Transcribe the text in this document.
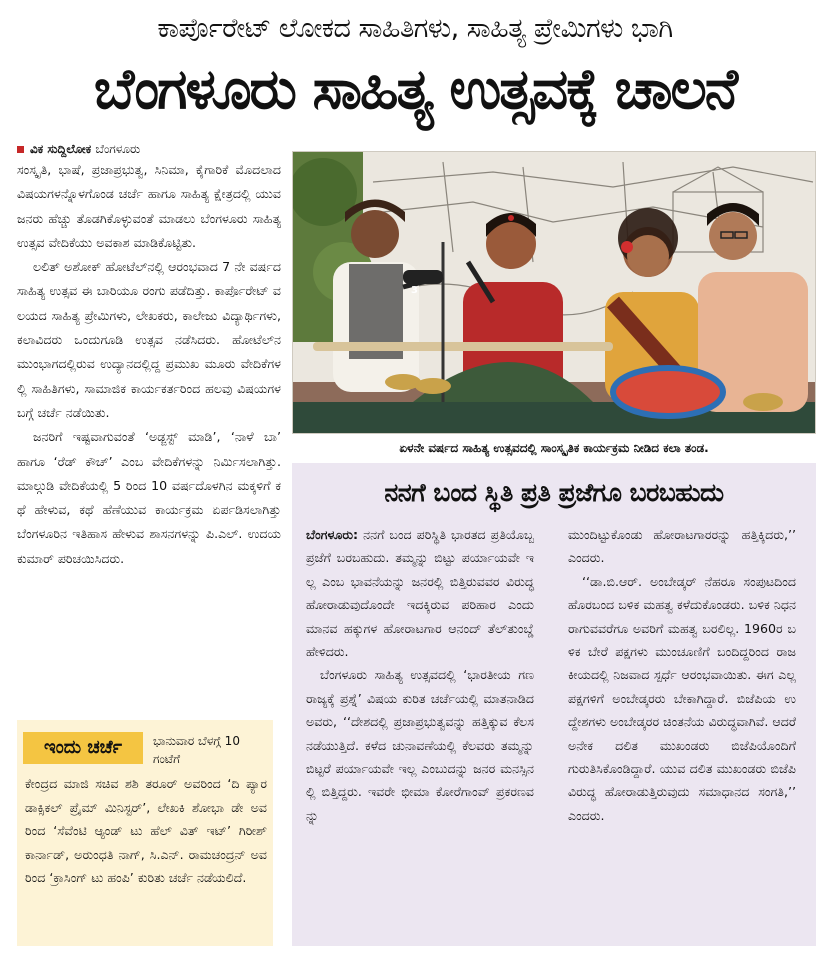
ಕಾರ್ಪೊರೇಟ್ ಲೋಕದ ಸಾಹಿತಿಗಳು, ಸಾಹಿತ್ಯ ಪ್ರೇಮಿಗಳು ಭಾಗಿ
ಬೆಂಗಳೂರು ಸಾಹಿತ್ಯ ಉತ್ಸವಕ್ಕೆ ಚಾಲನೆ
ವಿಕ ಸುದ್ದಿಲೋಕ ಬೆಂಗಳೂರು

ಸಂಸ್ಕೃತಿ, ಭಾಷೆ, ಪ್ರಜಾಪ್ರಭುತ್ವ, ಸಿನಿಮಾ, ಕೈಗಾರಿಕೆ ಮೊದಲಾದ ವಿಷಯಗಳನ್ನೊಳಗೊಂಡ ಚರ್ಚೆ ಹಾಗೂ ಸಾಹಿತ್ಯ ಕ್ಷೇತ್ರದಲ್ಲಿ ಯುವಜನರು ಹೆಚ್ಚು ತೊಡಗಿಕೊಳ್ಳುವಂತೆ ಮಾಡಲು ಬೆಂಗಳೂರು ಸಾಹಿತ್ಯ ಉತ್ಸವ ವೇದಿಕೆಯು ಅವಕಾಶ ಮಾಡಿಕೊಟ್ಟಿತು.

ಲಲಿತ್ ಅಶೋಕ್ ಹೋಟೆಲ್‌ನಲ್ಲಿ ಆರಂಭವಾದ 7 ನೇ ವರ್ಷದ ಸಾಹಿತ್ಯ ಉತ್ಸವ ಈ ಬಾರಿಯೂ ರಂಗು ಪಡೆದಿತ್ತು. ಕಾರ್ಪೊರೇಟ್ ವಲಯದ ಸಾಹಿತ್ಯ ಪ್ರೇಮಿಗಳು, ಲೇಖಕರು, ಕಾಲೇಜು ವಿದ್ಯಾರ್ಥಿಗಳು, ಕಲಾವಿದರು ಒಂದುಗೂಡಿ ಉತ್ಸವ ನಡೆಸಿದರು. ಹೋಟೆಲ್‌ನ ಮುಂಭಾಗದಲ್ಲಿರುವ ಉದ್ಯಾನದಲ್ಲಿದ್ದ ಪ್ರಮುಖ ಮೂರು ವೇದಿಕೆಗಳಲ್ಲಿ ಸಾಹಿತಿಗಳು, ಸಾಮಾಜಿಕ ಕಾರ್ಯಕರ್ತರಿಂದ ಹಲವು ವಿಷಯಗಳ ಬಗ್ಗೆ ಚರ್ಚೆ ನಡೆಯಿತು.

ಜನರಿಗೆ ಇಷ್ಟವಾಗುವಂತೆ ‘ಅಡ್ಜಸ್ಟ್ ಮಾಡಿ’, ‘ನಾಳೆ ಬಾ’ ಹಾಗೂ ‘ರೆಡ್ ಕೌಚ್’ ಎಂಬ ವೇದಿಕೆಗಳನ್ನು ನಿರ್ಮಿಸಲಾಗಿತ್ತು. ಮಾಲ್ಗುಡಿ ವೇದಿಕೆಯಲ್ಲಿ 5 ರಿಂದ 10 ವರ್ಷದೊಳಗಿನ ಮಕ್ಕಳಿಗೆ ಕಥೆ ಹೇಳುವ, ಕಥೆ ಹೆಣೆಯುವ ಕಾರ್ಯಕ್ರಮ ಏರ್ಪಡಿಸಲಾಗಿತ್ತು ಬೆಂಗಳೂರಿನ ಇತಿಹಾಸ ಹೇಳುವ ಶಾಸನಗಳನ್ನು ಪಿ.ಎಲ್. ಉದಯಕುಮಾರ್ ಪರಿಚಯಿಸಿದರು.

3
ಏಳನೇ ವರ್ಷದ ಸಾಹಿತ್ಯ ಉತ್ಸವದಲ್ಲಿ ಸಾಂಸ್ಕೃತಿಕ ಕಾರ್ಯಕ್ರಮ ನೀಡಿದ ಕಲಾ ತಂಡ.
ನನಗೆ ಬಂದ ಸ್ಥಿತಿ ಪ್ರತಿ ಪ್ರಜೆಗೂ ಬರಬಹುದು

ಬೆಂಗಳೂರು: ನನಗೆ ಬಂದ ಪರಿಸ್ಥಿತಿ ಭಾರತದ ಪ್ರತಿಯೊಬ್ಬ ಪ್ರಜೆಗೆ ಬರಬಹುದು. ತಮ್ಮನ್ನು ಬಿಟ್ಟು ಪರ್ಯಾಯವೇ ಇಲ್ಲ ಎಂಬ ಭಾವನೆಯನ್ನು ಜನರಲ್ಲಿ ಬಿತ್ತಿರುವವರ ವಿರುದ್ಧ ಹೋರಾಡುವುದೊಂದೇ ಇದಕ್ಕಿರುವ ಪರಿಹಾರ ಎಂದು ಮಾನವ ಹಕ್ಕುಗಳ ಹೋರಾಟಗಾರ ಆನಂದ್ ತೆಲ್‌ತುಂಬ್ಡೆ ಹೇಳಿದರು.

ಬೆಂಗಳೂರು ಸಾಹಿತ್ಯ ಉತ್ಸವದಲ್ಲಿ ‘ಭಾರತೀಯ ಗಣರಾಜ್ಯಕ್ಕೆ ಪ್ರಶ್ನೆ’ ವಿಷಯ ಕುರಿತ ಚರ್ಚೆಯಲ್ಲಿ ಮಾತನಾಡಿದ ಅವರು, ‘‘ದೇಶದಲ್ಲಿ ಪ್ರಜಾಪ್ರಭುತ್ವವನ್ನು ಹತ್ತಿಕ್ಕುವ ಕೆಲಸ ನಡೆಯುತ್ತಿದೆ. ಕಳೆದ ಚುನಾವಣೆಯಲ್ಲಿ ಕೆಲವರು ತಮ್ಮನ್ನು ಬಿಟ್ಟರೆ ಪರ್ಯಾಯವೇ ಇಲ್ಲ ಎಂಬುದನ್ನು ಜನರ ಮನಸ್ಸಿನಲ್ಲಿ ಬಿತ್ತಿದ್ದರು. ಇವರೇ ಭೀಮಾ ಕೋರೆಗಾಂವ್ ಪ್ರಕರಣವನ್ನು

ಮುಂದಿಟ್ಟುಕೊಂಡು ಹೋರಾಟಗಾರರನ್ನು ಹತ್ತಿಕ್ಕಿದರು,’’ ಎಂದರು.

‘‘ಡಾ.ಬಿ.ಆರ್. ಅಂಬೇಡ್ಕರ್ ನೆಹರೂ ಸಂಪುಟದಿಂದ ಹೊರಬಂದ ಬಳಿಕ ಮಹತ್ವ ಕಳೆದುಕೊಂಡರು. ಬಳಿಕ ನಿಧನರಾಗುವವರೆಗೂ ಅವರಿಗೆ ಮಹತ್ವ ಬರಲಿಲ್ಲ. 1960ರ ಬಳಿಕ ಬೇರೆ ಪಕ್ಷಗಳು ಮುಂಚೂಣಿಗೆ ಬಂದಿದ್ದರಿಂದ ರಾಜಕೀಯದಲ್ಲಿ ನಿಜವಾದ ಸ್ಪರ್ಧೆ ಆರಂಭವಾಯಿತು. ಈಗ ಎಲ್ಲ ಪಕ್ಷಗಳಿಗೆ ಅಂಬೇಡ್ಕರರು ಬೇಕಾಗಿದ್ದಾರೆ. ಬಿಜೆಪಿಯ ಉದ್ದೇಶಗಳು ಅಂಬೇಡ್ಕರರ ಚಿಂತನೆಯ ವಿರುದ್ಧವಾಗಿವೆ. ಆದರೆ ಅನೇಕ ದಲಿತ ಮುಖಂಡರು ಬಿಜೆಪಿಯೊಂದಿಗೆ ಗುರುತಿಸಿಕೊಂಡಿದ್ದಾರೆ. ಯುವ ದಲಿತ ಮುಖಂಡರು ಬಿಜೆಪಿ ವಿರುದ್ಧ ಹೋರಾಡುತ್ತಿರುವುದು ಸಮಾಧಾನದ ಸಂಗತಿ,’’ ಎಂದರು.

ಇಂದು ಚರ್ಚೆ	ಭಾನುವಾರ ಬೆಳಗ್ಗೆ 10 ಗಂಟೆಗೆ
ಕೇಂದ್ರದ ಮಾಜಿ ಸಚಿವ ಶಶಿ ತರೂರ್ ಅವರಿಂದ ‘ದಿ ಪ್ಯಾರಡಾಕ್ಸಿಕಲ್ ಪ್ರೈಮ್ ಮಿನಿಸ್ಟರ್’, ಲೇಖಕಿ ಶೋಭಾ ಡೇ ಅವರಿಂದ ‘ಸೆವೆಂಟಿ ಆ್ಯಂಡ್ ಟು ಹೆಲ್ ವಿತ್ ಇಟ್’ ಗಿರೀಶ್ ಕಾರ್ನಾಡ್, ಅರುಂಧತಿ ನಾಗ್, ಸಿ.ಎನ್. ರಾಮಚಂದ್ರನ್ ಅವರಿಂದ ‘ಕ್ರಾಸಿಂಗ್ ಟು ಹಂಪಿ’ ಕುರಿತು ಚರ್ಚೆ ನಡೆಯಲಿದೆ.
